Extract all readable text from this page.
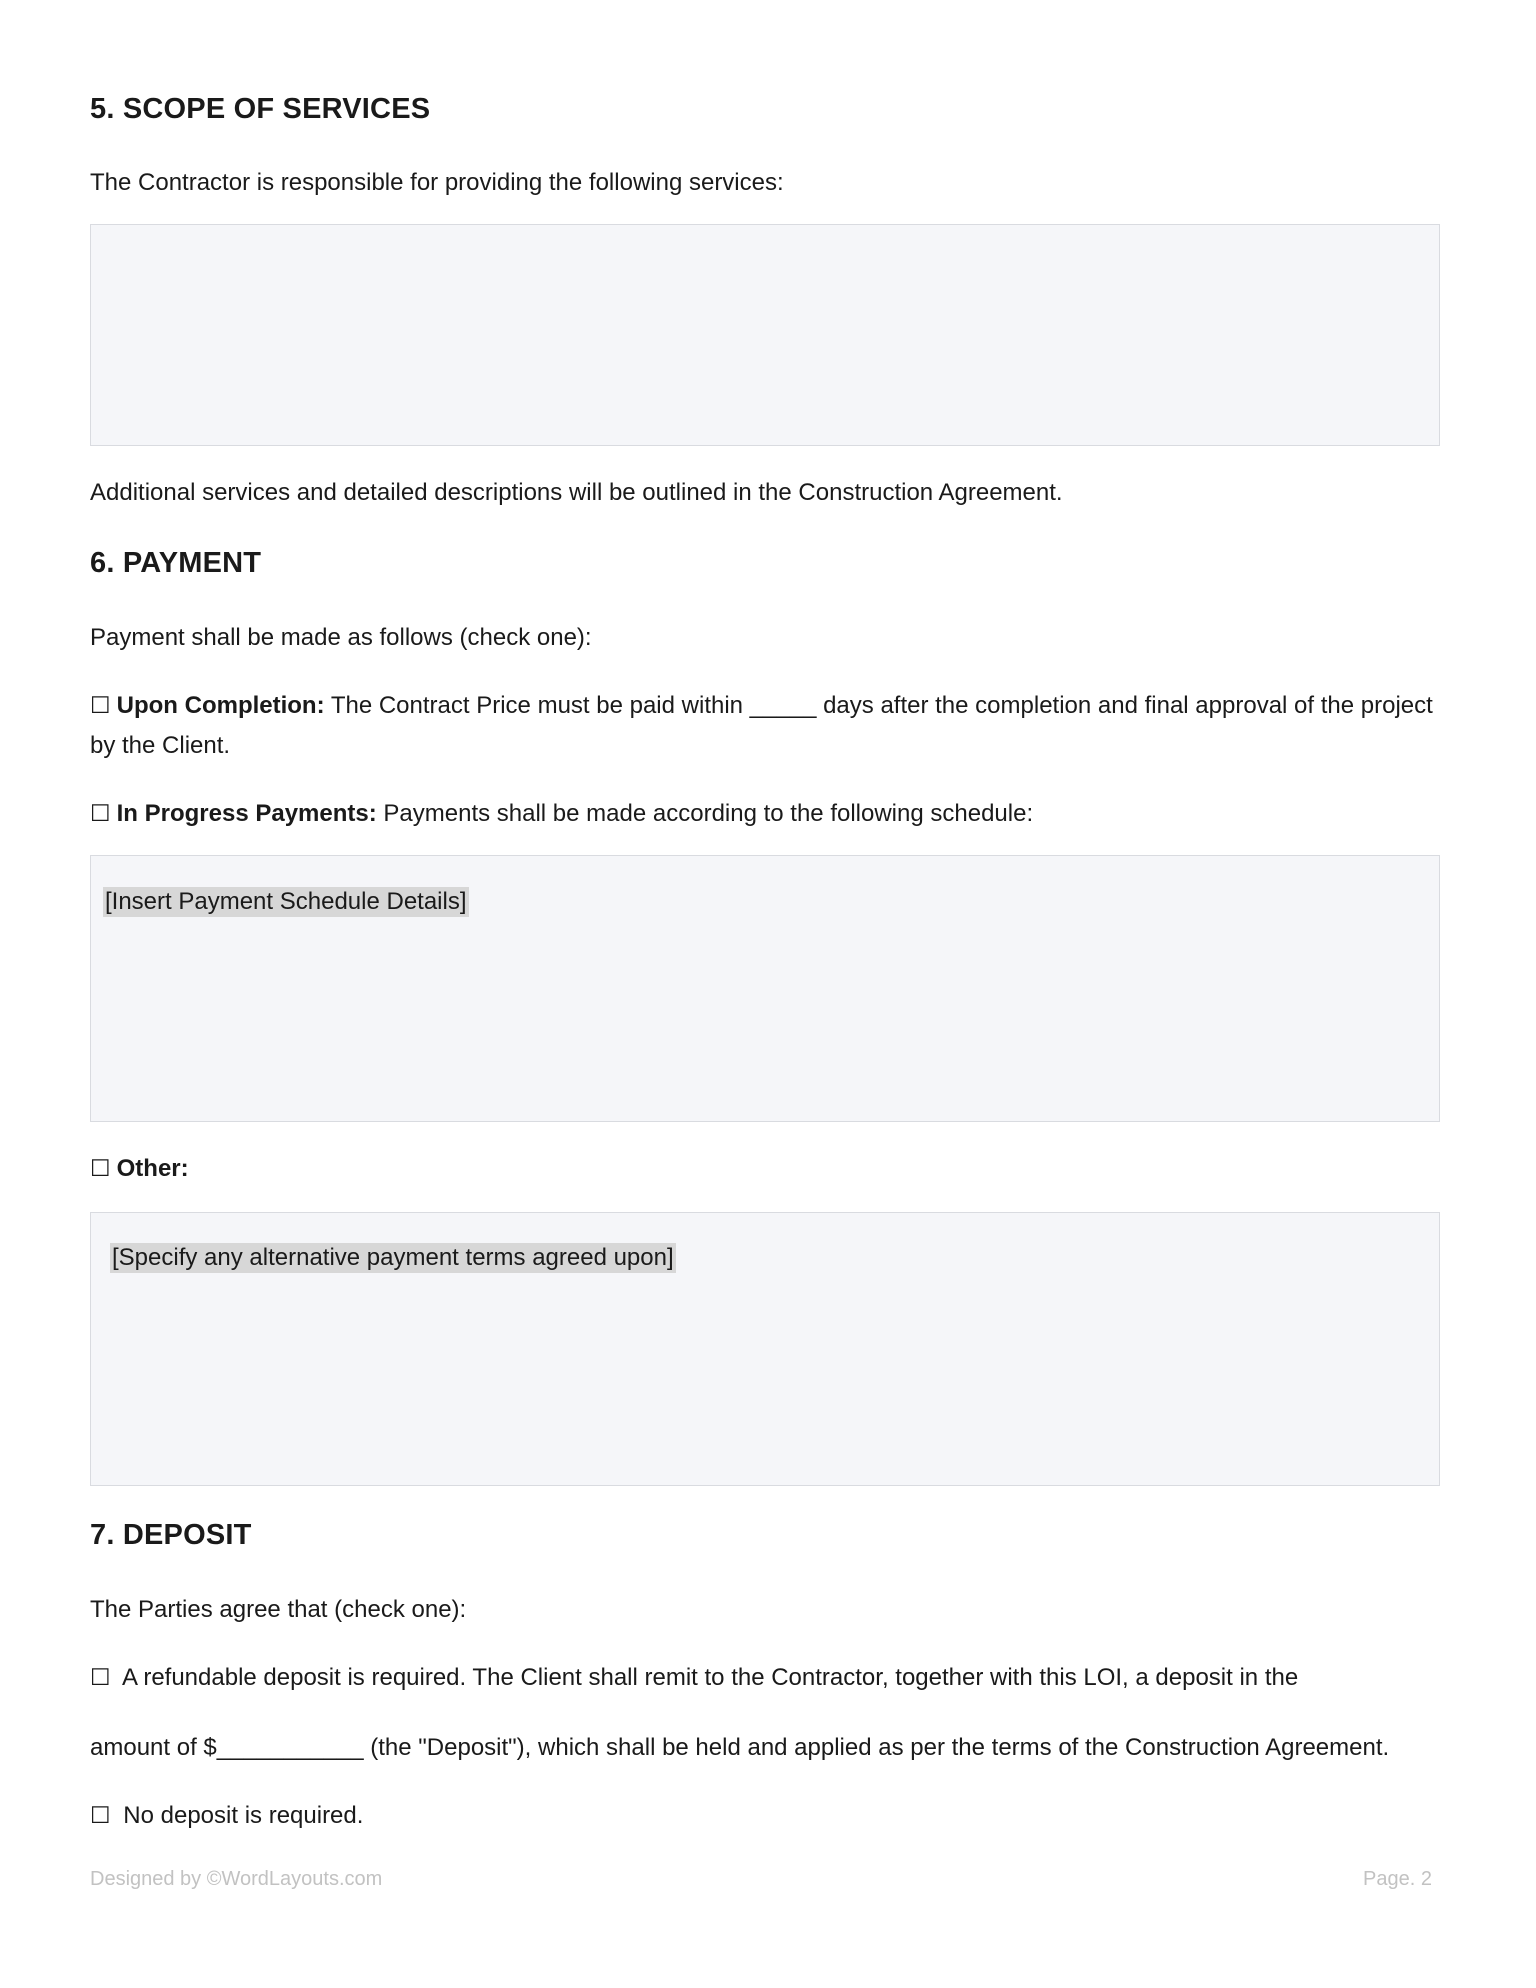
5. SCOPE OF SERVICES

The Contractor is responsible for providing the following services:

Additional services and detailed descriptions will be outlined in the Construction Agreement.

6. PAYMENT

Payment shall be made as follows (check one):

☐ Upon Completion: The Contract Price must be paid within _____ days after the completion and final approval of the project by the Client.

☐ In Progress Payments: Payments shall be made according to the following schedule:

[Insert Payment Schedule Details]

☐ Other:

[Specify any alternative payment terms agreed upon]
7. DEPOSIT

The Parties agree that (check one):

☐ A refundable deposit is required. The Client shall remit to the Contractor, together with this LOI, a deposit in the

amount of $___________ (the "Deposit"), which shall be held and applied as per the terms of the Construction Agreement.

☐ No deposit is required.

Designed by ©WordLayouts.com	Page. 2
